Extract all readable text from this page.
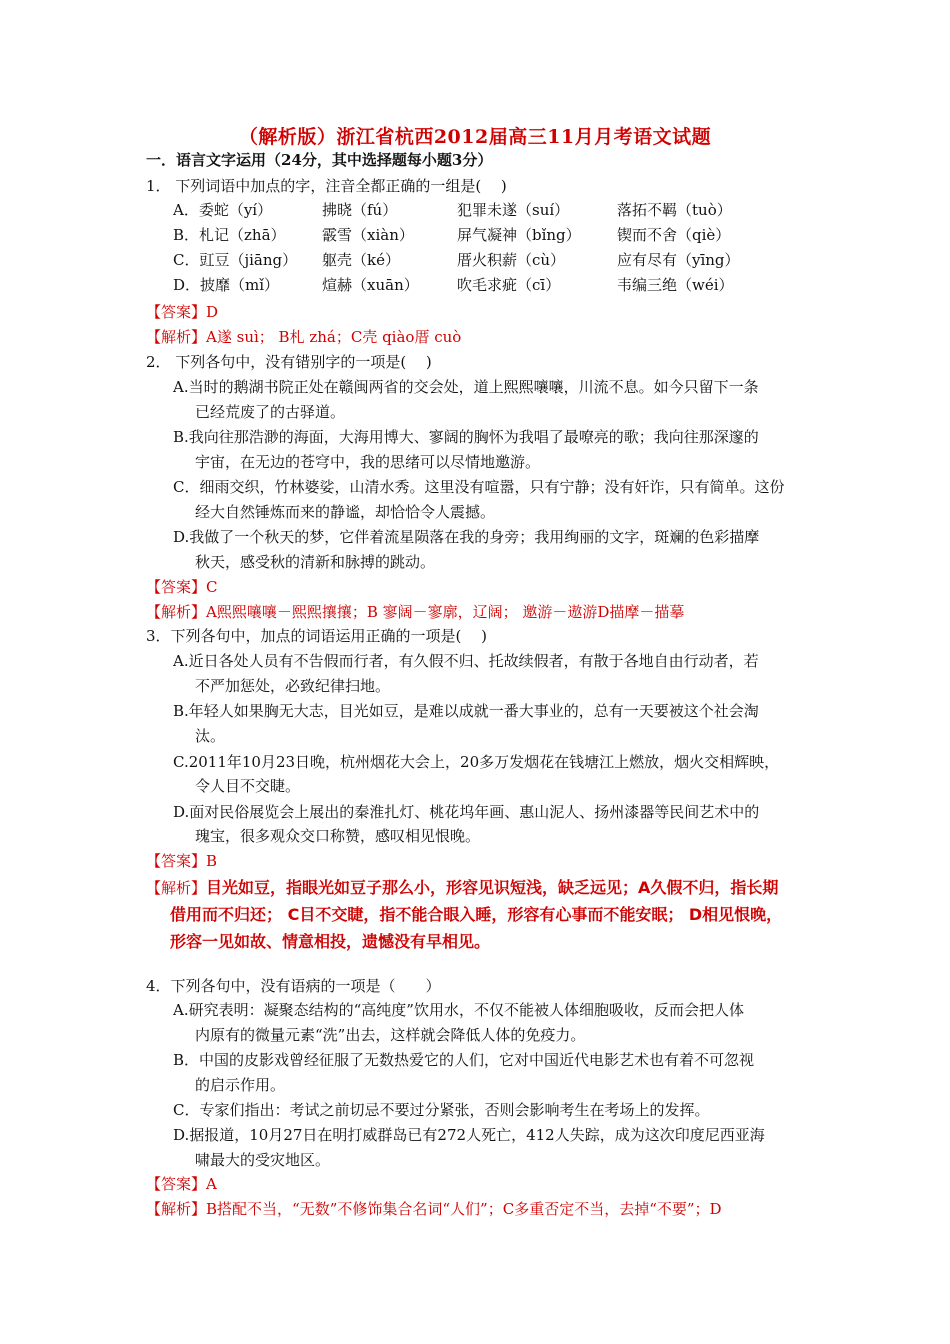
（解析版）浙江省杭西2012届高三11月月考语文试题
一．语言文字运用（24分，其中选择题每小题3分）
1． 下列词语中加点的字，注音全都正确的一组是(　 )
A．委蛇（yí）	拂晓（fú）	犯罪未遂（suí）	落拓不羁（tuò）
B．札记（zhā） 霰雪（xiàn）	屏气凝神（bǐng） 锲而不舍（qiè）
C．豇豆（jiāng） 躯壳（ké）	厝火积薪（cù）	应有尽有（yīng）
D．披靡（mǐ）	煊赫（xuān）	吹毛求疵（cī）	韦编三绝（wéi）
【答案】D
【解析】A遂 suì； B札 zhá；C壳 qiào厝 cuò
2． 下列各句中，没有错别字的一项是(　 )
A.当时的鹅湖书院正处在赣闽两省的交会处，道上熙熙嚷嚷，川流不息。如今只留下一条
已经荒废了的古驿道。
B.我向往那浩渺的海面，大海用博大、寥阔的胸怀为我唱了最嘹亮的歌；我向往那深邃的
宇宙，在无边的苍穹中，我的思绪可以尽情地邀游。
C．细雨交织，竹林婆娑，山清水秀。这里没有喧嚣，只有宁静；没有奸诈，只有简单。这份
经大自然锤炼而来的静谧，却恰恰令人震撼。
D.我做了一个秋天的梦，它伴着流星陨落在我的身旁；我用绚丽的文字，斑斓的色彩描摩
秋天，感受秋的清新和脉搏的跳动。
【答案】C
【解析】A熙熙嚷嚷－熙熙攘攘；B 寥阔－寥廓，辽阔； 邀游－遨游D描摩－描摹
3．下列各句中，加点的词语运用正确的一项是(　 )
A.近日各处人员有不告假而行者，有久假不归、托故续假者，有散于各地自由行动者，若
不严加惩处，必致纪律扫地。
B.年轻人如果胸无大志，目光如豆，是难以成就一番大事业的，总有一天要被这个社会淘
汰。
C.2011年10月23日晚，杭州烟花大会上，20多万发烟花在钱塘江上燃放，烟火交相辉映，
令人目不交睫。
D.面对民俗展览会上展出的秦淮扎灯、桃花坞年画、惠山泥人、扬州漆器等民间艺术中的
瑰宝，很多观众交口称赞，感叹相见恨晚。
【答案】B
【解析】目光如豆，指眼光如豆子那么小，形容见识短浅，缺乏远见；A久假不归，指长期
借用而不归还； C目不交睫，指不能合眼入睡，形容有心事而不能安眠； D相见恨晚，
形容一见如故、情意相投，遗憾没有早相见。
4．下列各句中，没有语病的一项是（　　）
A.研究表明：凝聚态结构的“高纯度”饮用水，不仅不能被人体细胞吸收，反而会把人体
内原有的微量元素“洗”出去，这样就会降低人体的免疫力。
B．中国的皮影戏曾经征服了无数热爱它的人们，它对中国近代电影艺术也有着不可忽视
的启示作用。
C．专家们指出：考试之前切忌不要过分紧张，否则会影响考生在考场上的发挥。
D.据报道，10月27日在明打威群岛已有272人死亡，412人失踪，成为这次印度尼西亚海
啸最大的受灾地区。
【答案】A
【解析】B搭配不当，“无数”不修饰集合名词“人们”；C多重否定不当，去掉“不要”；D
